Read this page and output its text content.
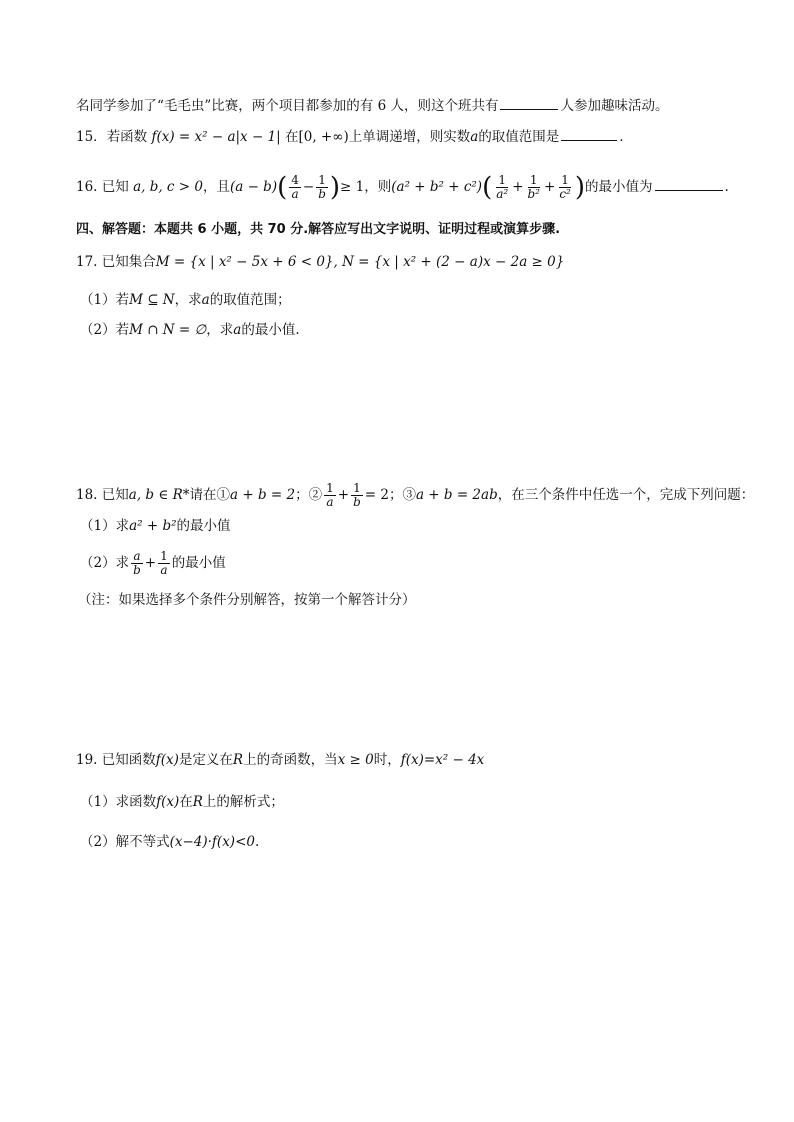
名同学参加了“毛毛虫”比赛，两个项目都参加的有 6 人，则这个班共有	人参加趣味活动。
15．若函数 f(x) = x² − a|x − 1| 在[0, +∞)上单调递增，则实数a的取值范围是	．
16. 已知 a, b, c > 0，且$(a - b)( \frac{4}{a} - \frac{1}{b}$ )≥ 1，则$(a^2 + b^2 + c^2)( \frac{1}{\text{a²}} + \frac{1}{\text{b²}} + \frac{1}{\text{c²}}$ )的最小值为	.
四、解答题：本题共 6 小题，共 70 分.解答应写出文字说明、证明过程或演算步骤.
17. 已知集合M = {x | x² − 5x + 6 < 0}, N = {x | x² + (2 − a)x − 2a ≥ 0}
（1）若M ⊆ N，求a的取值范围；
（2）若M ∩ N = ∅，求a的最小值.
18. 已知a, b ∈ R*请在①a + b = 2；② $\frac{1}{a} + \frac{1}{b} = 2$；③a + b = 2ab，在三个条件中任选一个，完成下列问题：
（1）求a² + b²的最小值
（2）求 $\frac{a}{b} + \frac{1}{a}$ 的最小值
（注：如果选择多个条件分别解答，按第一个解答计分）
19. 已知函数f(x)是定义在R上的奇函数，当x ≥ 0时，f(x)=x² − 4x
（1）求函数f(x)在R上的解析式；
（2）解不等式(x−4)·f(x)<0.
